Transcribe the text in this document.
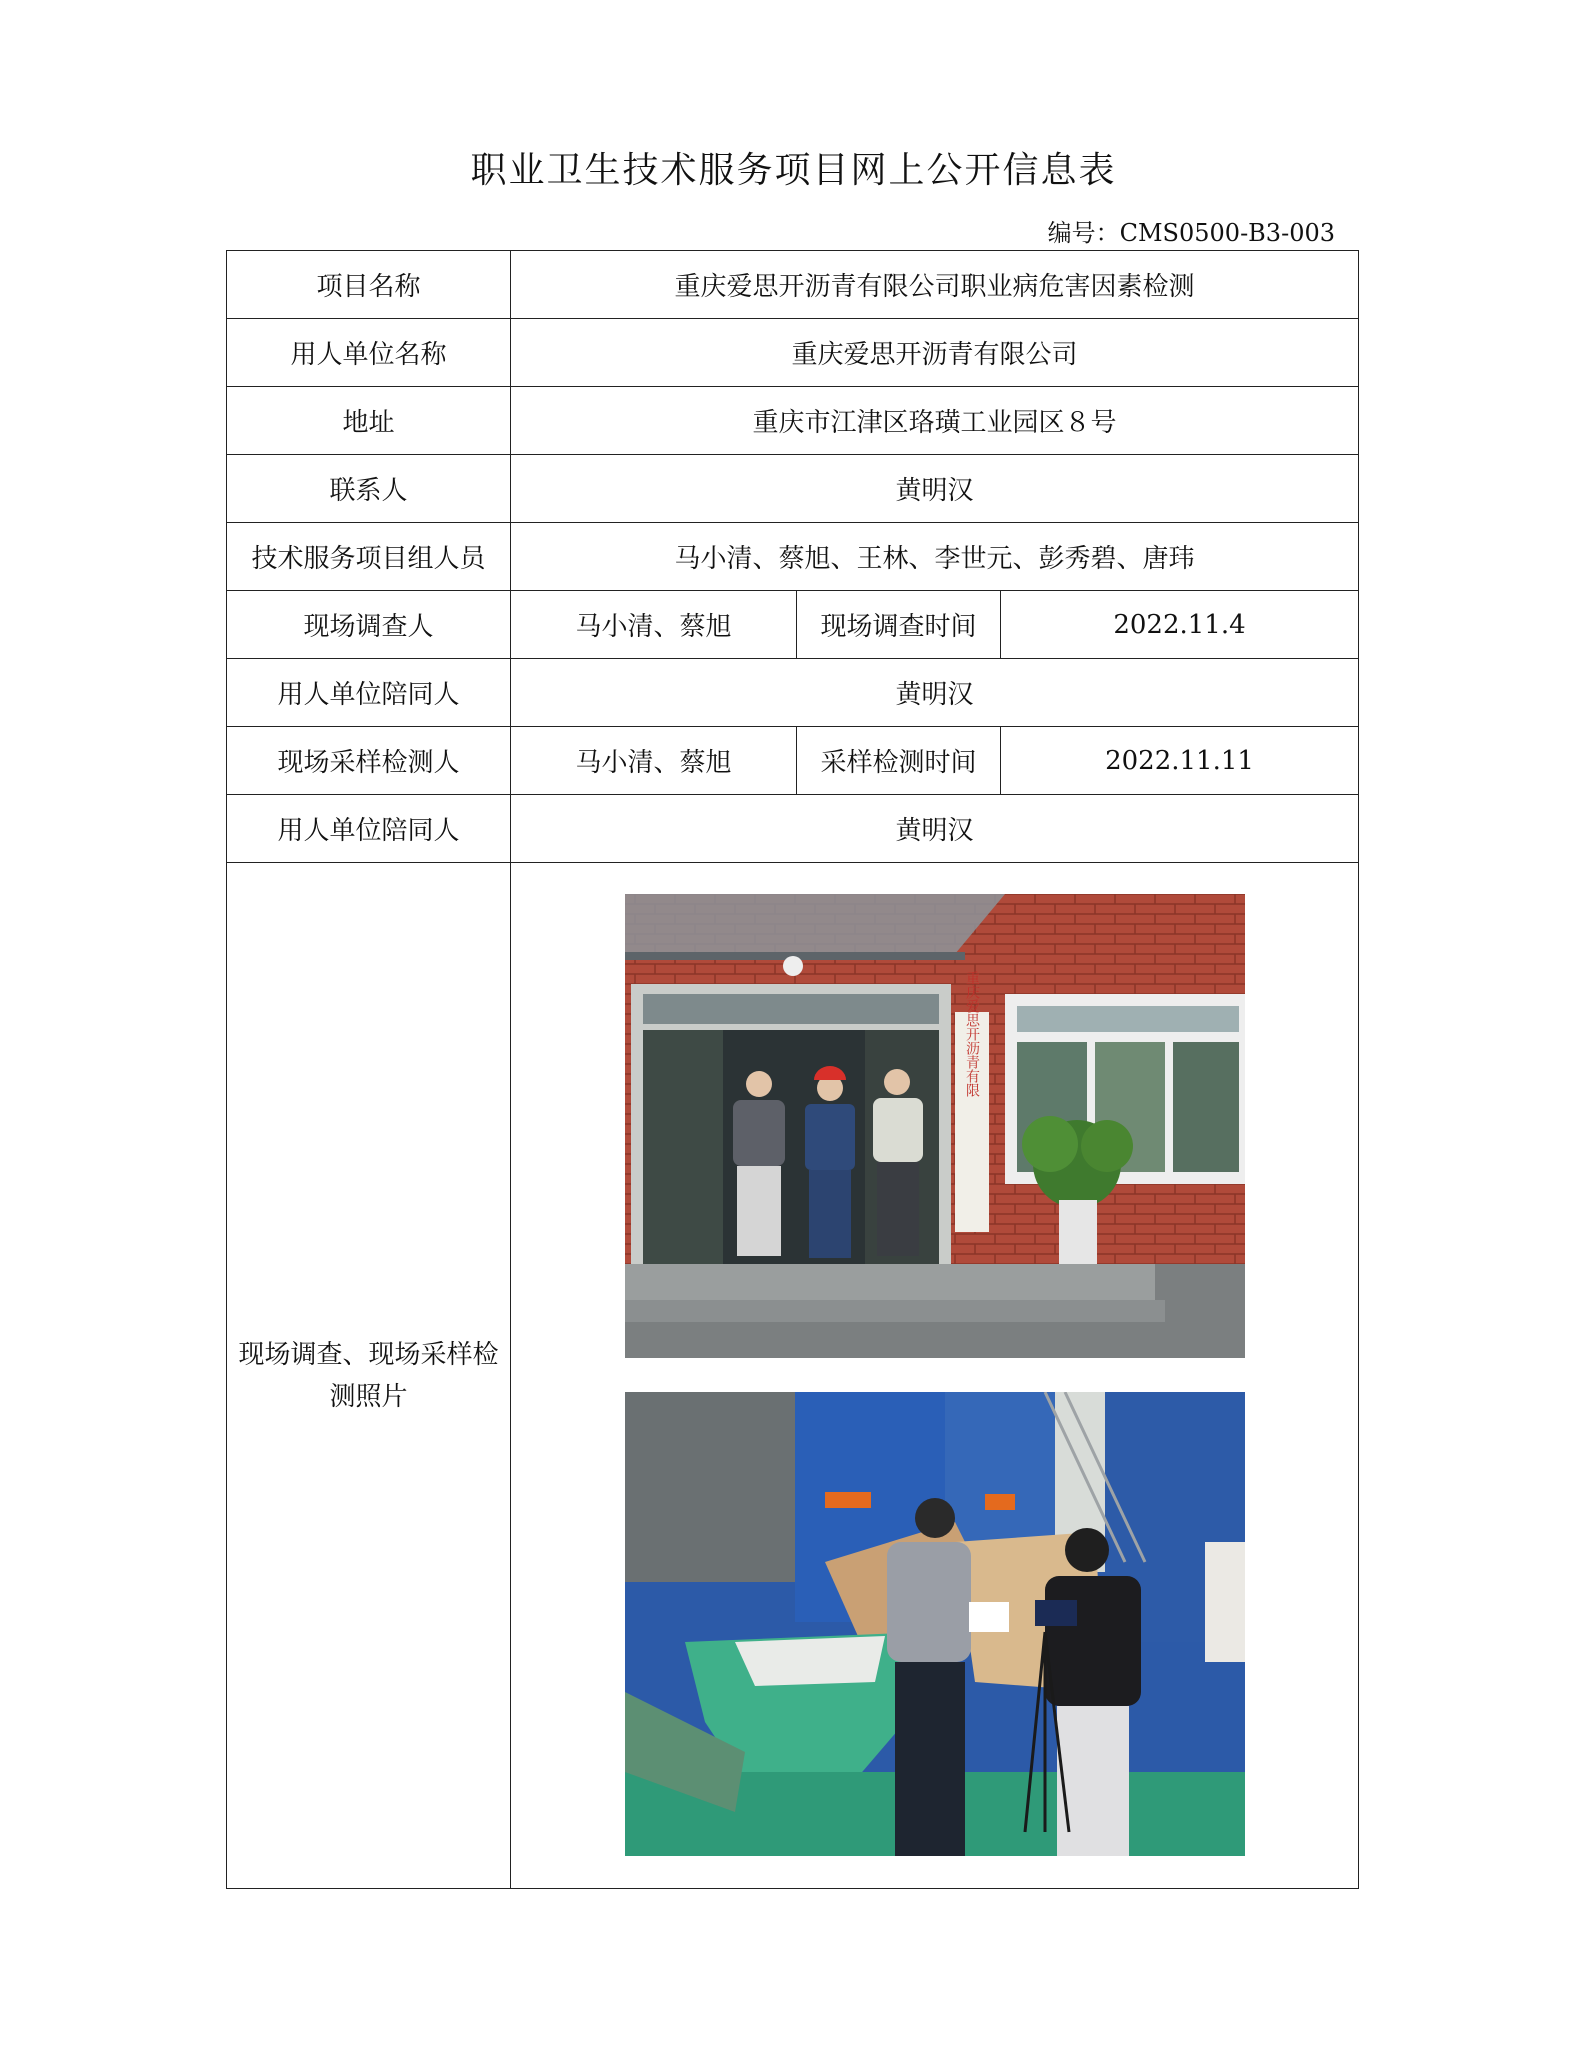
职业卫生技术服务项目网上公开信息表
编号：CMS0500-B3-003
项目名称	重庆爱思开沥青有限公司职业病危害因素检测		
用人单位名称	重庆爱思开沥青有限公司		
地址	重庆市江津区珞璜工业园区８号		
联系人	黄明汉		
技术服务项目组人员	马小清、蔡旭、王林、李世元、彭秀碧、唐玮		
现场调查人	马小清、蔡旭	现场调查时间	2022.11.4
用人单位陪同人	黄明汉		
现场采样检测人	马小清、蔡旭	采样检测时间	2022.11.11
用人单位陪同人	黄明汉		
现场调查、现场采样检测照片	重庆爱思开沥青有限		
